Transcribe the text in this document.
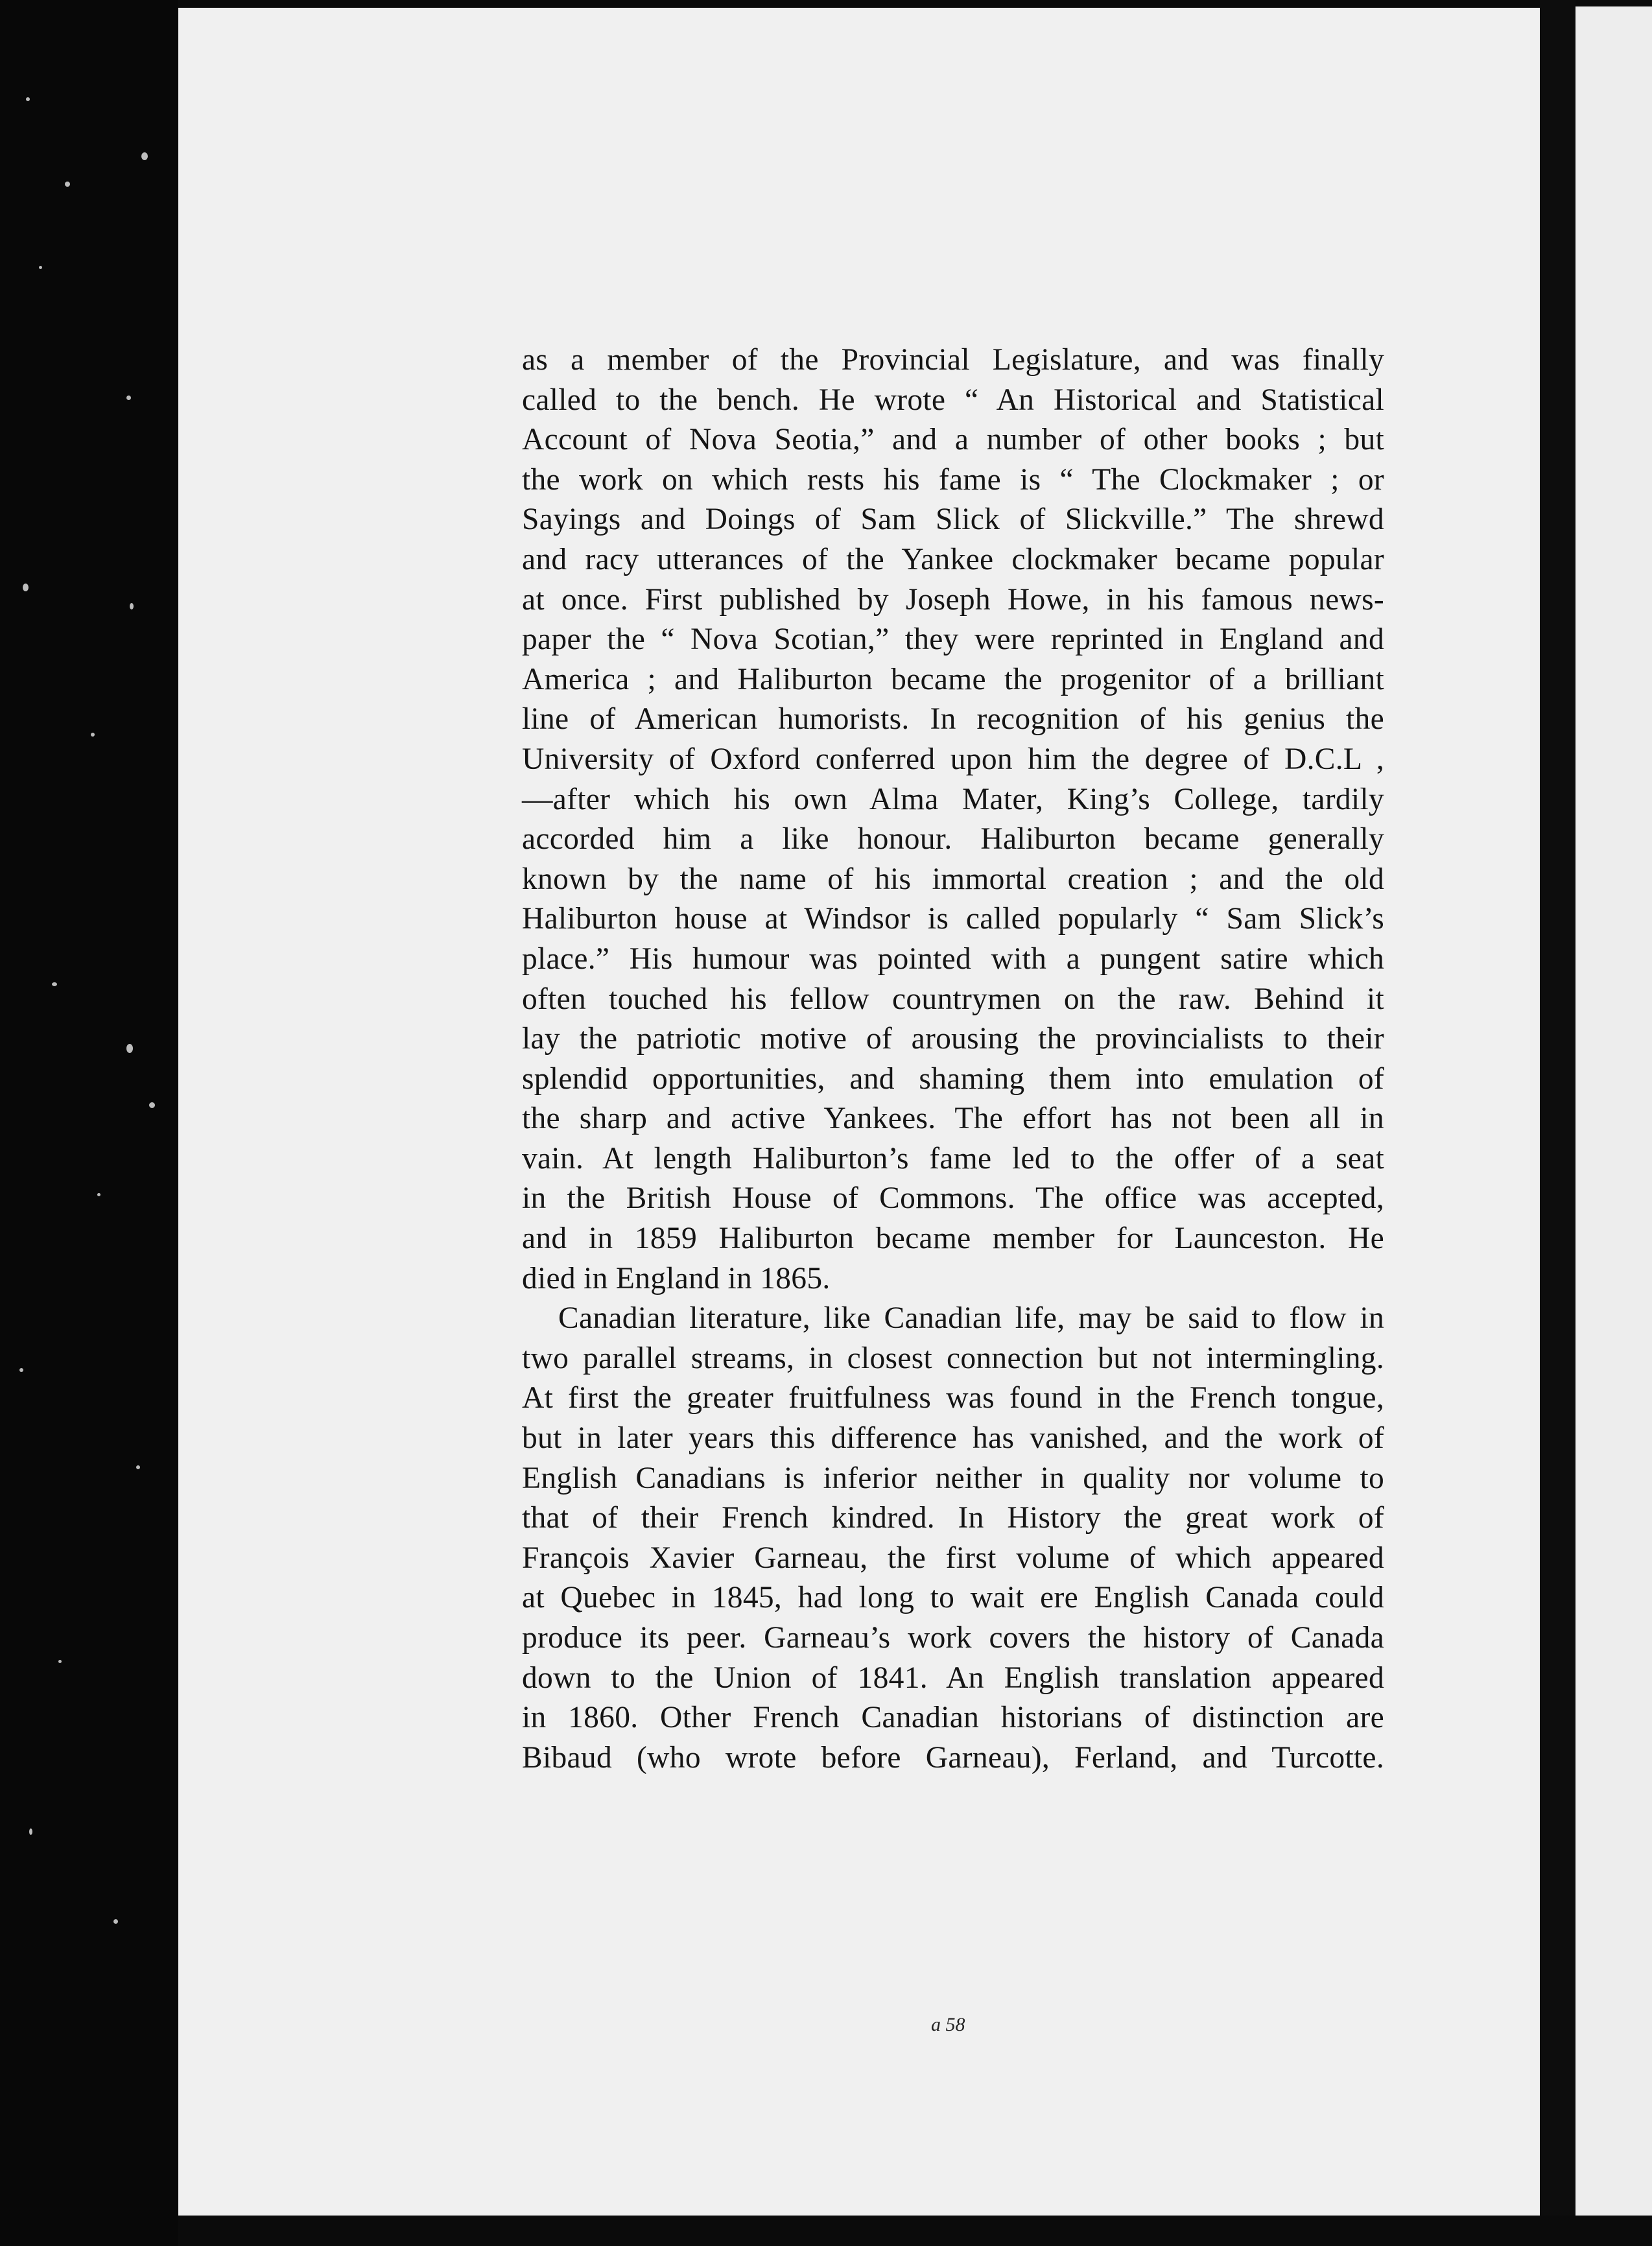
as a member of the Provincial Legislature, and was finally
called to the bench. He wrote “ An Historical and Statistical
Account of Nova Seotia,” and a number of other books ; but
the work on which rests his fame is “ The Clockmaker ; or
Sayings and Doings of Sam Slick of Slickville.” The shrewd
and racy utterances of the Yankee clockmaker became popular
at once. First published by Joseph Howe, in his famous news-
paper the “ Nova Scotian,” they were reprinted in England and
America ; and Haliburton became the progenitor of a brilliant
line of American humorists. In recognition of his genius the
University of Oxford conferred upon him the degree of D.C.L ,
—after which his own Alma Mater, King’s College, tardily
accorded him a like honour. Haliburton became generally
known by the name of his immortal creation ; and the old
Haliburton house at Windsor is called popularly “ Sam Slick’s
place.” His humour was pointed with a pungent satire which
often touched his fellow countrymen on the raw. Behind it
lay the patriotic motive of arousing the provincialists to their
splendid opportunities, and shaming them into emulation of
the sharp and active Yankees. The effort has not been all in
vain. At length Haliburton’s fame led to the offer of a seat
in the British House of Commons. The office was accepted,
and in 1859 Haliburton became member for Launceston. He
died in England in 1865.
Canadian literature, like Canadian life, may be said to flow in
two parallel streams, in closest connection but not intermingling.
At first the greater fruitfulness was found in the French tongue,
but in later years this difference has vanished, and the work of
English Canadians is inferior neither in quality nor volume to
that of their French kindred. In History the great work of
François Xavier Garneau, the first volume of which appeared
at Quebec in 1845, had long to wait ere English Canada could
produce its peer. Garneau’s work covers the history of Canada
down to the Union of 1841. An English translation appeared
in 1860. Other French Canadian historians of distinction are
Bibaud (who wrote before Garneau), Ferland, and Turcotte.
a 58
